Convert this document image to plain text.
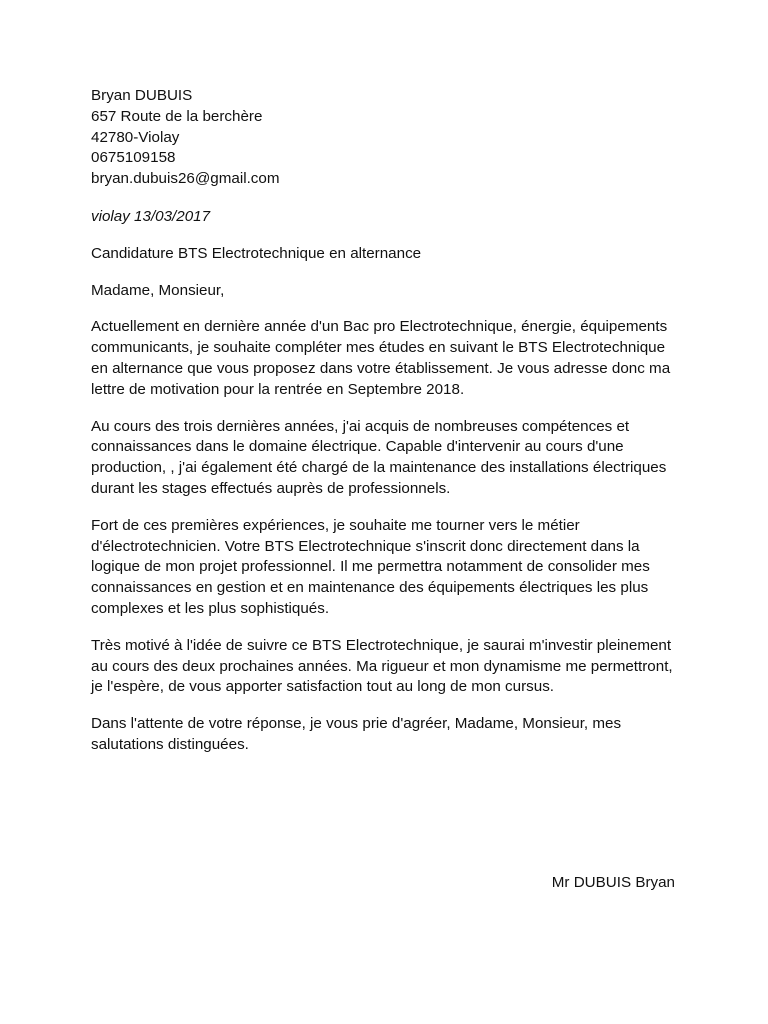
Bryan DUBUIS
657 Route de la berchère
42780-Violay
0675109158
bryan.dubuis26@gmail.com
violay 13/03/2017
Candidature BTS Electrotechnique en alternance
Madame, Monsieur,

Actuellement en dernière année d'un Bac pro Electrotechnique, énergie, équipements communicants, je souhaite compléter mes études en suivant le BTS Electrotechnique en alternance que vous proposez dans votre établissement. Je vous adresse donc ma lettre de motivation pour la rentrée en Septembre 2018.

Au cours des trois dernières années, j'ai acquis de nombreuses compétences et connaissances dans le domaine électrique. Capable d'intervenir au cours d'une production, , j'ai également été chargé de la maintenance des installations électriques durant les stages effectués auprès de professionnels.

Fort de ces premières expériences, je souhaite me tourner vers le métier d'électrotechnicien. Votre BTS Electrotechnique s'inscrit donc directement dans la logique de mon projet professionnel. Il me permettra notamment de consolider mes connaissances en gestion et en maintenance des équipements électriques les plus complexes et les plus sophistiqués.

Très motivé à l'idée de suivre ce BTS Electrotechnique, je saurai m'investir pleinement au cours des deux prochaines années. Ma rigueur et mon dynamisme me permettront, je l'espère, de vous apporter satisfaction tout au long de mon cursus.

Dans l'attente de votre réponse, je vous prie d'agréer, Madame, Monsieur, mes salutations distinguées.

Mr DUBUIS Bryan
